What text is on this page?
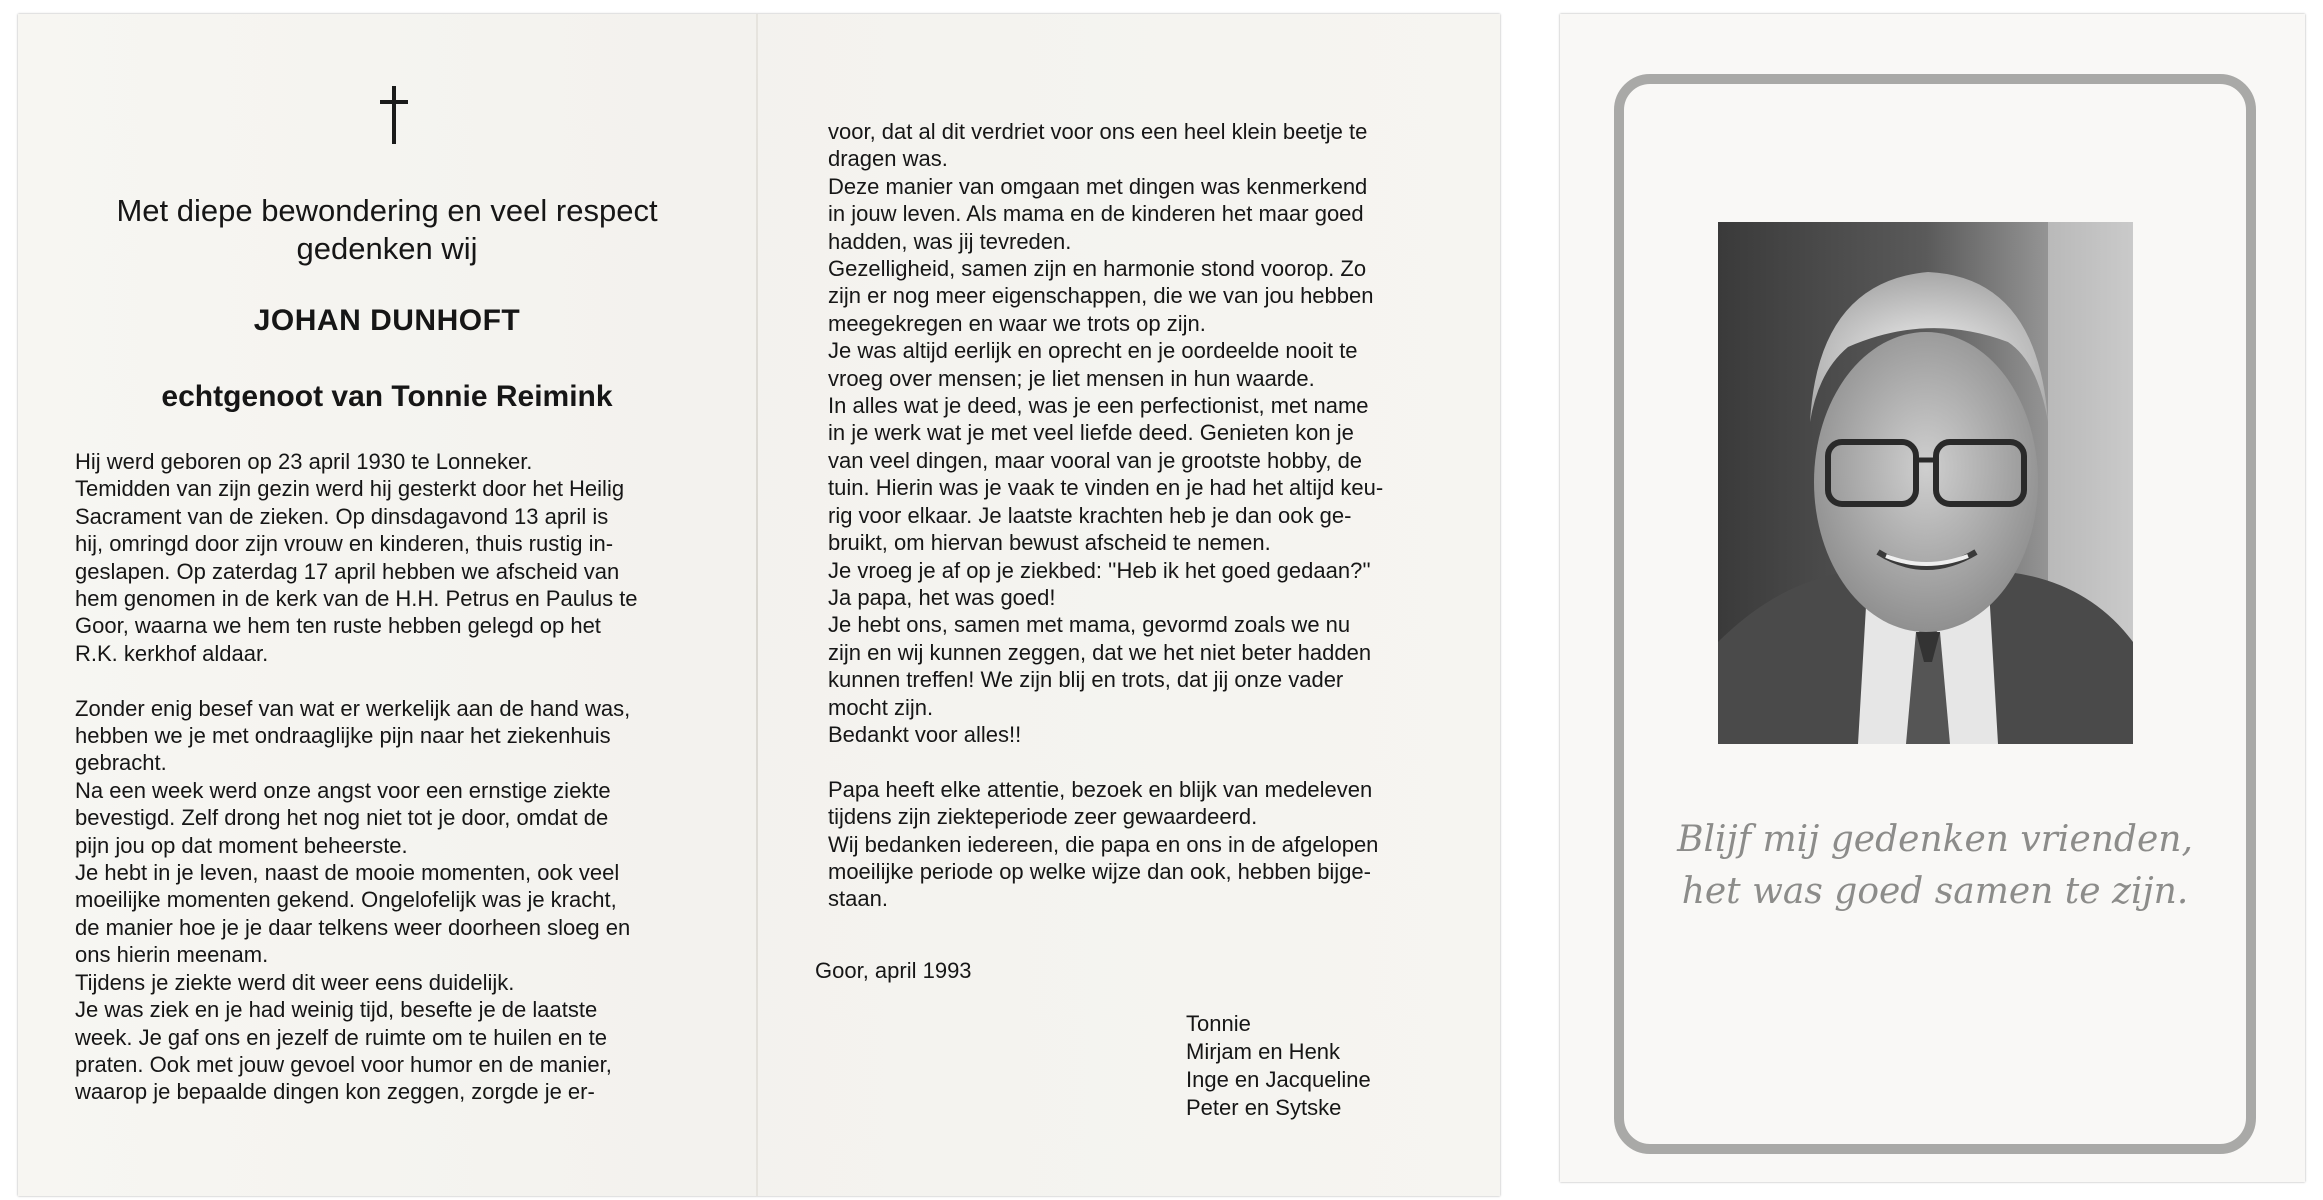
Met diepe bewondering en veel respect
gedenken wij
JOHAN DUNHOFT
echtgenoot van Tonnie Reimink
Hij werd geboren op 23 april 1930 te Lonneker.
Temidden van zijn gezin werd hij gesterkt door het Heilig
Sacrament van de zieken. Op dinsdagavond 13 april is
hij, omringd door zijn vrouw en kinderen, thuis rustig in-
geslapen. Op zaterdag 17 april hebben we afscheid van
hem genomen in de kerk van de H.H. Petrus en Paulus te
Goor, waarna we hem ten ruste hebben gelegd op het
R.K. kerkhof aldaar.
Zonder enig besef van wat er werkelijk aan de hand was,
hebben we je met ondraaglijke pijn naar het ziekenhuis
gebracht.
Na een week werd onze angst voor een ernstige ziekte
bevestigd. Zelf drong het nog niet tot je door, omdat de
pijn jou op dat moment beheerste.
Je hebt in je leven, naast de mooie momenten, ook veel
moeilijke momenten gekend. Ongelofelijk was je kracht,
de manier hoe je je daar telkens weer doorheen sloeg en
ons hierin meenam.
Tijdens je ziekte werd dit weer eens duidelijk.
Je was ziek en je had weinig tijd, besefte je de laatste
week. Je gaf ons en jezelf de ruimte om te huilen en te
praten. Ook met jouw gevoel voor humor en de manier,
waarop je bepaalde dingen kon zeggen, zorgde je er-
voor, dat al dit verdriet voor ons een heel klein beetje te
dragen was.
Deze manier van omgaan met dingen was kenmerkend
in jouw leven. Als mama en de kinderen het maar goed
hadden, was jij tevreden.
Gezelligheid, samen zijn en harmonie stond voorop. Zo
zijn er nog meer eigenschappen, die we van jou hebben
meegekregen en waar we trots op zijn.
Je was altijd eerlijk en oprecht en je oordeelde nooit te
vroeg over mensen; je liet mensen in hun waarde.
In alles wat je deed, was je een perfectionist, met name
in je werk wat je met veel liefde deed. Genieten kon je
van veel dingen, maar vooral van je grootste hobby, de
tuin. Hierin was je vaak te vinden en je had het altijd keu-
rig voor elkaar. Je laatste krachten heb je dan ook ge-
bruikt, om hiervan bewust afscheid te nemen.
Je vroeg je af op je ziekbed: ''Heb ik het goed gedaan?''
Ja papa, het was goed!
Je hebt ons, samen met mama, gevormd zoals we nu
zijn en wij kunnen zeggen, dat we het niet beter hadden
kunnen treffen! We zijn blij en trots, dat jij onze vader
mocht zijn.
Bedankt voor alles!!
Papa heeft elke attentie, bezoek en blijk van medeleven
tijdens zijn ziekteperiode zeer gewaardeerd.
Wij bedanken iedereen, die papa en ons in de afgelopen
moeilijke periode op welke wijze dan ook, hebben bijge-
staan.
Goor, april 1993
Tonnie
Mirjam en Henk
Inge en Jacqueline
Peter en Sytske
Blijf mij gedenken vrienden,
het was goed samen te zijn.
